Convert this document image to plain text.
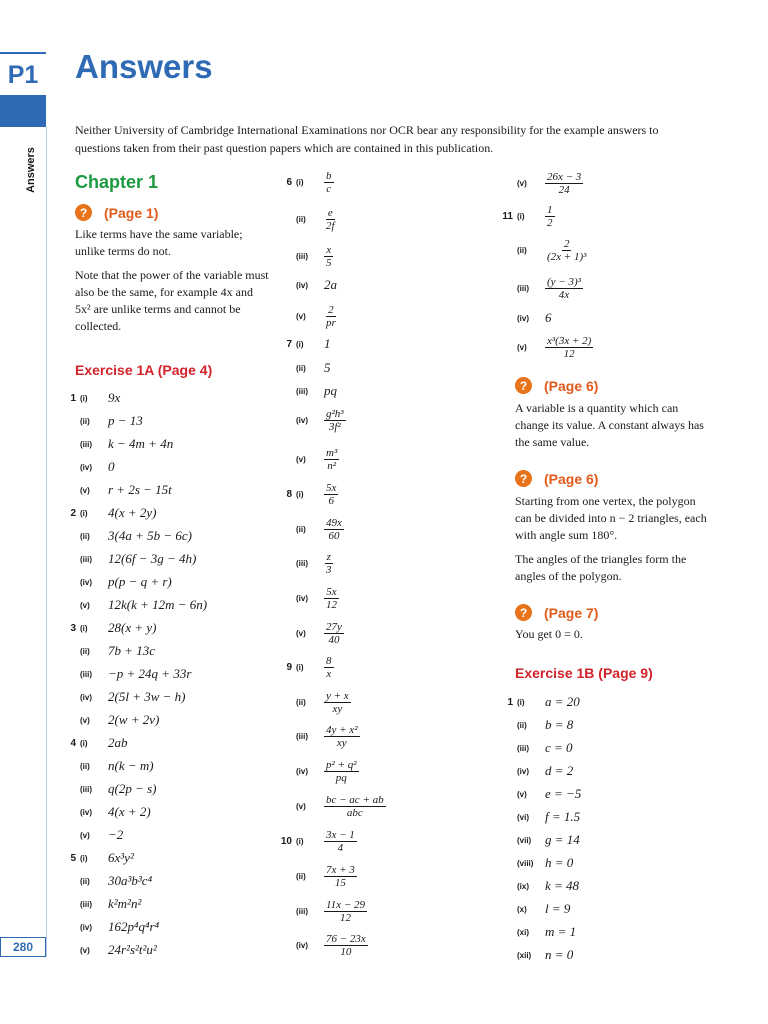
P1
Answers
280
Answers
Neither University of Cambridge International Examinations nor OCR bear any responsibility for the example answers to questions taken from their past question papers which are contained in this publication.
Chapter 1
?	(Page 1)
Like terms have the same variable; unlike terms do not.
Note that the power of the variable must also be the same, for example 4x and 5x² are unlike terms and cannot be collected.
Exercise 1A (Page 4)
1 (i)	9x
(ii)	p − 13
(iii)	k − 4m + 4n
(iv)	0
(v)	r + 2s − 15t
2 (i)	4(x + 2y)
(ii)	3(4a + 5b − 6c)
(iii)	12(6f − 3g − 4h)
(iv)	p(p − q + r)
(v)	12k(k + 12m − 6n)
3 (i)	28(x + y)
(ii)	7b + 13c
(iii)	−p + 24q + 33r
(iv)	2(5l + 3w − h)
(v)	2(w + 2v)
4 (i)	2ab
(ii)	n(k − m)
(iii)	q(2p − s)
(iv)	4(x + 2)
(v)	−2
5 (i)	6x³y²
(ii)	30a³b³c⁴
(iii)	k²m²n²
(iv)	162p⁴q⁴r⁴
(v)	24r²s²t²u²
6 (i)	$\frac{b}{c}$
(ii)	$\frac{e}{2f}$
(iii)	$\frac{x}{5}$
(iv)	2a
(v)	$\frac{2}{pr}$
7 (i)	1
(ii)	5
(iii)	pq
(iv)	$\frac{\text{g²h³}}{\text{3f²}}$
(v)	$\frac{\text{m³}}{\text{n²}}$
8 (i)	$\frac{5x}{6}$
(ii)	$\frac{49x}{60}$
(iii)	$\frac{z}{3}$
(iv)	$\frac{5x}{12}$
(v)	$\frac{27y}{40}$
9 (i)	$\frac{8}{x}$
(ii)	$\frac{y + x}{xy}$
(iii)	$\frac{\text{4y + x²}}{xy}$
(iv)	$\frac{\text{p² + q²}}{pq}$
(v)	$\frac{bc - ac + ab}{\text{abc}}$
10 (i)	$\frac{3x - 1}{4}$
(ii)	$\frac{7x + 3}{15}$
(iii)	$\frac{11x - 29}{12}$
(iv)	$\frac{76 - 23x}{10}$
(v)	$\frac{26x - 3}{24}$
11 (i)	$\frac{1}{2}$
(ii)	$\frac{2}{\text{(2x + 1)³}}$
(iii)	$\frac{\text{(y − 3)³}}{4x}$
(iv)	6
(v)	$\frac{\text{x³(3x + 2)}}{12}$
?	(Page 6)
A variable is a quantity which can change its value. A constant always has the same value.
?	(Page 6)
Starting from one vertex, the polygon can be divided into n − 2 triangles, each with angle sum 180°.
The angles of the triangles form the angles of the polygon.
?	(Page 7)
You get 0 = 0.
Exercise 1B (Page 9)
1 (i)	a = 20
(ii)	b = 8
(iii)	c = 0
(iv)	d = 2
(v)	e = −5
(vi)	f = 1.5
(vii)	g = 14
(viii) h = 0
(ix)	k = 48
(x)	l = 9
(xi)	m = 1
(xii)	n = 0
